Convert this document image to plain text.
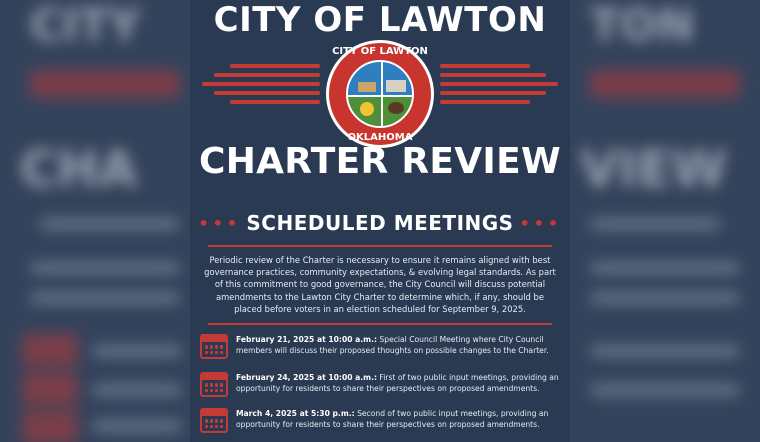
CITY	TON
CHA	VIEW
CITY OF LAWTON
CITY OF LAWTON
OKLAHOMA
CHARTER REVIEW
••• SCHEDULED MEETINGS •••
Periodic review of the Charter is necessary to ensure it remains aligned with best governance practices, community expectations, & evolving legal standards. As part of this commitment to good governance, the City Council will discuss potential amendments to the Lawton City Charter to determine which, if any, should be placed before voters in an election scheduled for September 9, 2025.
February 21, 2025 at 10:00 a.m.: Special Council Meeting where City Council members will discuss their proposed thoughts on possible changes to the Charter.
February 24, 2025 at 10:00 a.m.: First of two public input meetings, providing an opportunity for residents to share their perspectives on proposed amendments.
March 4, 2025 at 5:30 p.m.: Second of two public input meetings, providing an opportunity for residents to share their perspectives on proposed amendments.
